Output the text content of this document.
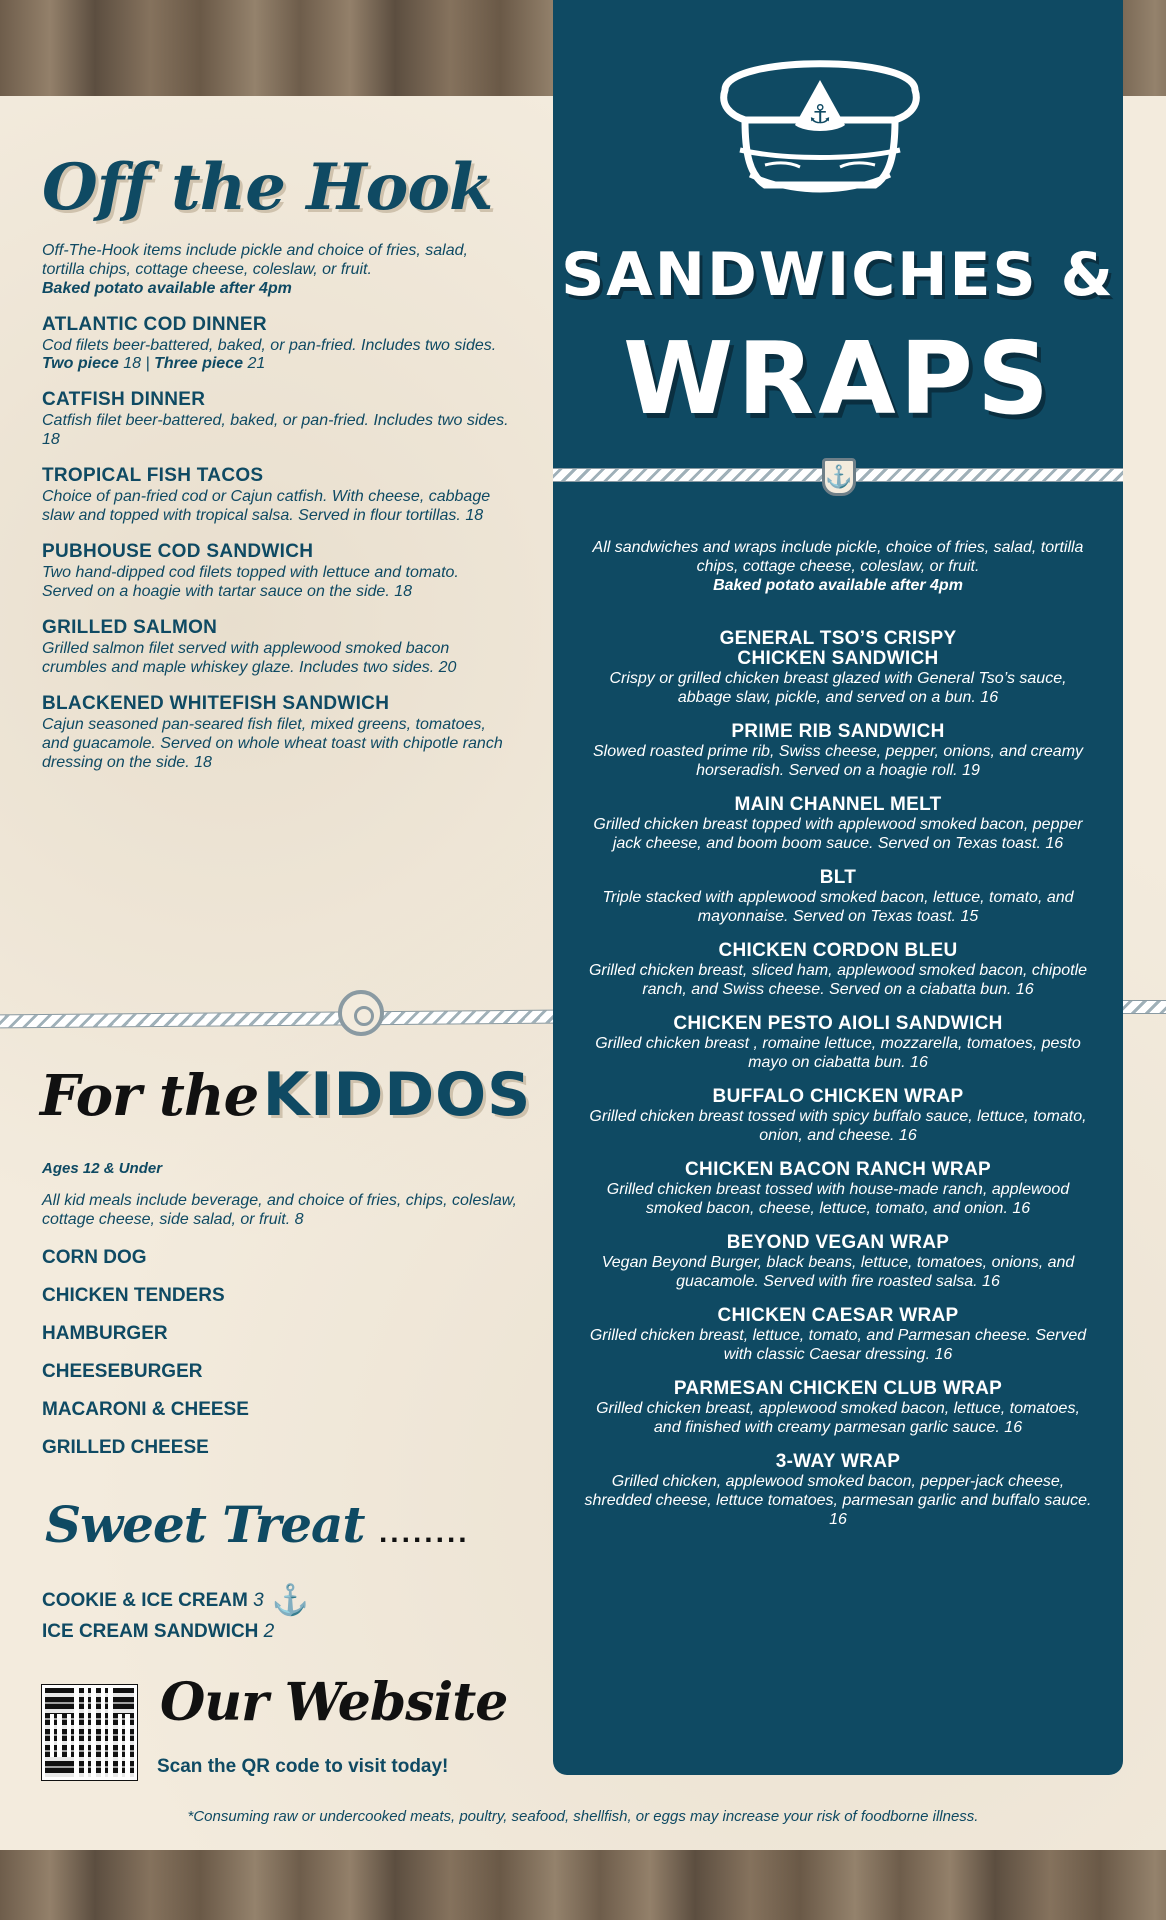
⚓
SANDWICHES &
WRAPS
⚓
All sandwiches and wraps include pickle, choice of fries, salad, tortilla chips, cottage cheese, coleslaw, or fruit.
Baked potato available after 4pm
GENERAL TSO’S CRISPY
CHICKEN SANDWICH
Crispy or grilled chicken breast glazed with General Tso’s sauce, abbage slaw, pickle, and served on a bun. 16
PRIME RIB SANDWICH
Slowed roasted prime rib, Swiss cheese, pepper, onions, and creamy horseradish. Served on a hoagie roll. 19
MAIN CHANNEL MELT
Grilled chicken breast topped with applewood smoked bacon, pepper jack cheese, and boom boom sauce. Served on Texas toast. 16
BLT
Triple stacked with applewood smoked bacon, lettuce, tomato, and mayonnaise. Served on Texas toast. 15
CHICKEN CORDON BLEU
Grilled chicken breast, sliced ham, applewood smoked bacon, chipotle ranch, and Swiss cheese. Served on a ciabatta bun. 16
CHICKEN PESTO AIOLI SANDWICH
Grilled chicken breast , romaine lettuce, mozzarella, tomatoes, pesto mayo on ciabatta bun. 16
BUFFALO CHICKEN WRAP
Grilled chicken breast tossed with spicy buffalo sauce, lettuce, tomato, onion, and cheese. 16
CHICKEN BACON RANCH WRAP
Grilled chicken breast tossed with house-made ranch, applewood smoked bacon, cheese, lettuce, tomato, and onion. 16
BEYOND VEGAN WRAP
Vegan Beyond Burger, black beans, lettuce, tomatoes, onions, and guacamole. Served with fire roasted salsa. 16
CHICKEN CAESAR WRAP
Grilled chicken breast, lettuce, tomato, and Parmesan cheese. Served with classic Caesar dressing. 16
PARMESAN CHICKEN CLUB WRAP
Grilled chicken breast, applewood smoked bacon, lettuce, tomatoes, and finished with creamy parmesan garlic sauce. 16
3-WAY WRAP
Grilled chicken, applewood smoked bacon, pepper-jack cheese, shredded cheese, lettuce tomatoes, parmesan garlic and buffalo sauce. 16
Off the Hook
Off-The-Hook items include pickle and choice of fries, salad, tortilla chips, cottage cheese, coleslaw, or fruit.
Baked potato available after 4pm
ATLANTIC COD DINNER
Cod filets beer-battered, baked, or pan-fried. Includes two sides.
Two piece 18 | Three piece 21
CATFISH DINNER
Catfish filet beer-battered, baked, or pan-fried. Includes two sides. 18
TROPICAL FISH TACOS
Choice of pan-fried cod or Cajun catfish. With cheese, cabbage slaw and topped with tropical salsa. Served in flour tortillas. 18
PUBHOUSE COD SANDWICH
Two hand-dipped cod filets topped with lettuce and tomato. Served on a hoagie with tartar sauce on the side. 18
GRILLED SALMON
Grilled salmon filet served with applewood smoked bacon crumbles and maple whiskey glaze. Includes two sides. 20
BLACKENED WHITEFISH SANDWICH
Cajun seasoned pan-seared fish filet, mixed greens, tomatoes, and guacamole. Served on whole wheat toast with chipotle ranch dressing on the side. 18
For the KIDDOS
Ages 12 & Under
All kid meals include beverage, and choice of fries, chips, coleslaw, cottage cheese, side salad, or fruit. 8
CORN DOG
CHICKEN TENDERS
HAMBURGER
CHEESEBURGER
MACARONI & CHEESE
GRILLED CHEESE
Sweet Treat ........
COOKIE & ICE CREAM 3 ⚓
ICE CREAM SANDWICH 2
Our Website
Scan the QR code to visit today!
*Consuming raw or undercooked meats, poultry, seafood, shellfish, or eggs may increase your risk of foodborne illness.
